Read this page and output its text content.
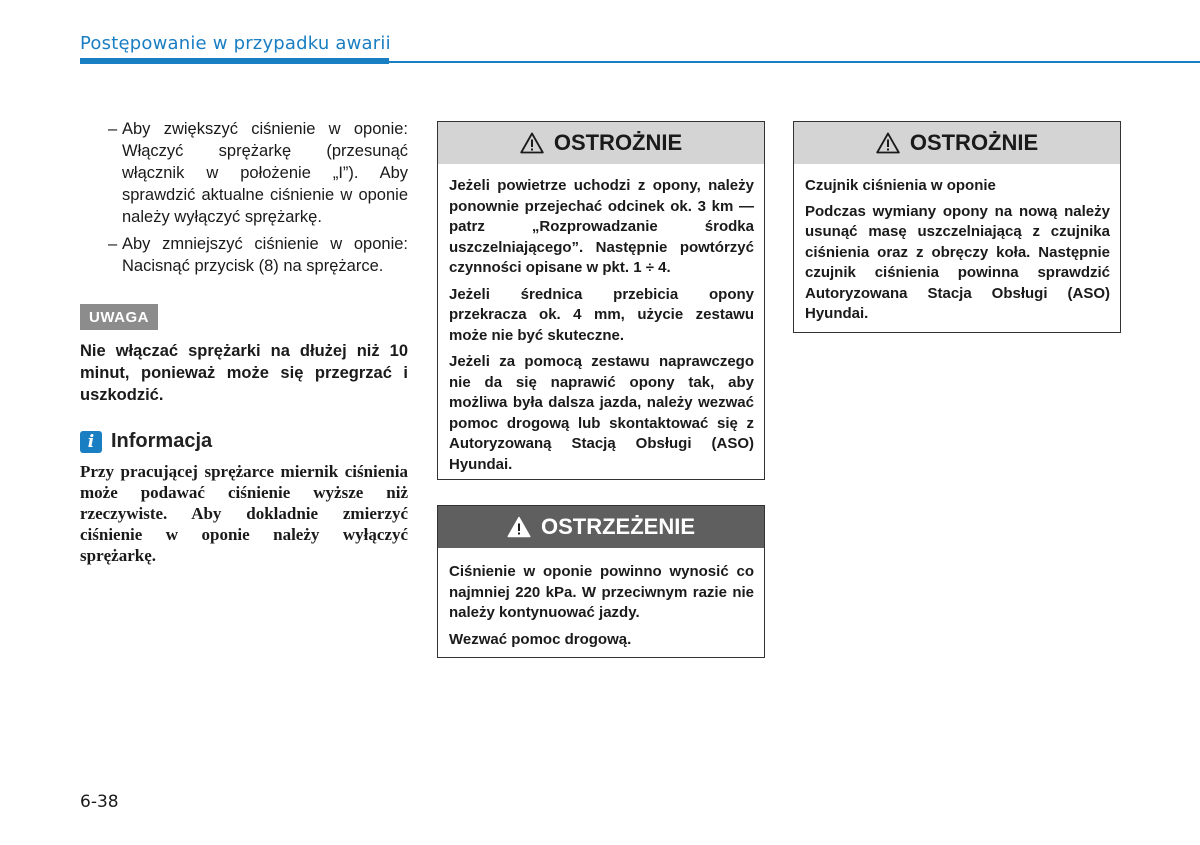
Postępowanie w przypadku awarii
– Aby zwiększyć ciśnienie w oponie: Włączyć sprężarkę (przesunąć włącznik w położenie „I”). Aby sprawdzić aktualne ciśnienie w oponie należy wyłączyć sprężarkę.
– Aby zmniejszyć ciśnienie w oponie: Nacisnąć przycisk (8) na sprężarce.
UWAGA
Nie włączać sprężarki na dłużej niż 10 minut, ponieważ może się przegrzać i uszkodzić.
i Informacja
Przy pracującej sprężarce miernik ciśnienia może podawać ciśnienie wyższe niż rzeczywiste. Aby dokladnie zmierzyć ciśnienie w oponie należy wyłączyć sprężarkę.
OSTROŻNIE

Jeżeli powietrze uchodzi z opony, należy ponownie przejechać odcinek ok. 3 km — patrz „Rozprowadzanie środka uszczelniającego”. Następnie powtórzyć czynności opisane w pkt. 1 ÷ 4.

Jeżeli średnica przebicia opony przekracza ok. 4 mm, użycie zestawu może nie być skuteczne.

Jeżeli za pomocą zestawu naprawczego nie da się naprawić opony tak, aby możliwa była dalsza jazda, należy wezwać pomoc drogową lub skontaktować się z Autoryzowaną Stacją Obsługi (ASO) Hyundai.

OSTRZEŻENIE

Ciśnienie w oponie powinno wynosić co najmniej 220 kPa. W przeciwnym razie nie należy kontynuować jazdy.

Wezwać pomoc drogową.

OSTROŻNIE

Czujnik ciśnienia w oponie

Podczas wymiany opony na nową należy usunąć masę uszczelniającą z czujnika ciśnienia oraz z obręczy koła. Następnie czujnik ciśnienia powinna sprawdzić Autoryzowana Stacja Obsługi (ASO) Hyundai.

6-38
